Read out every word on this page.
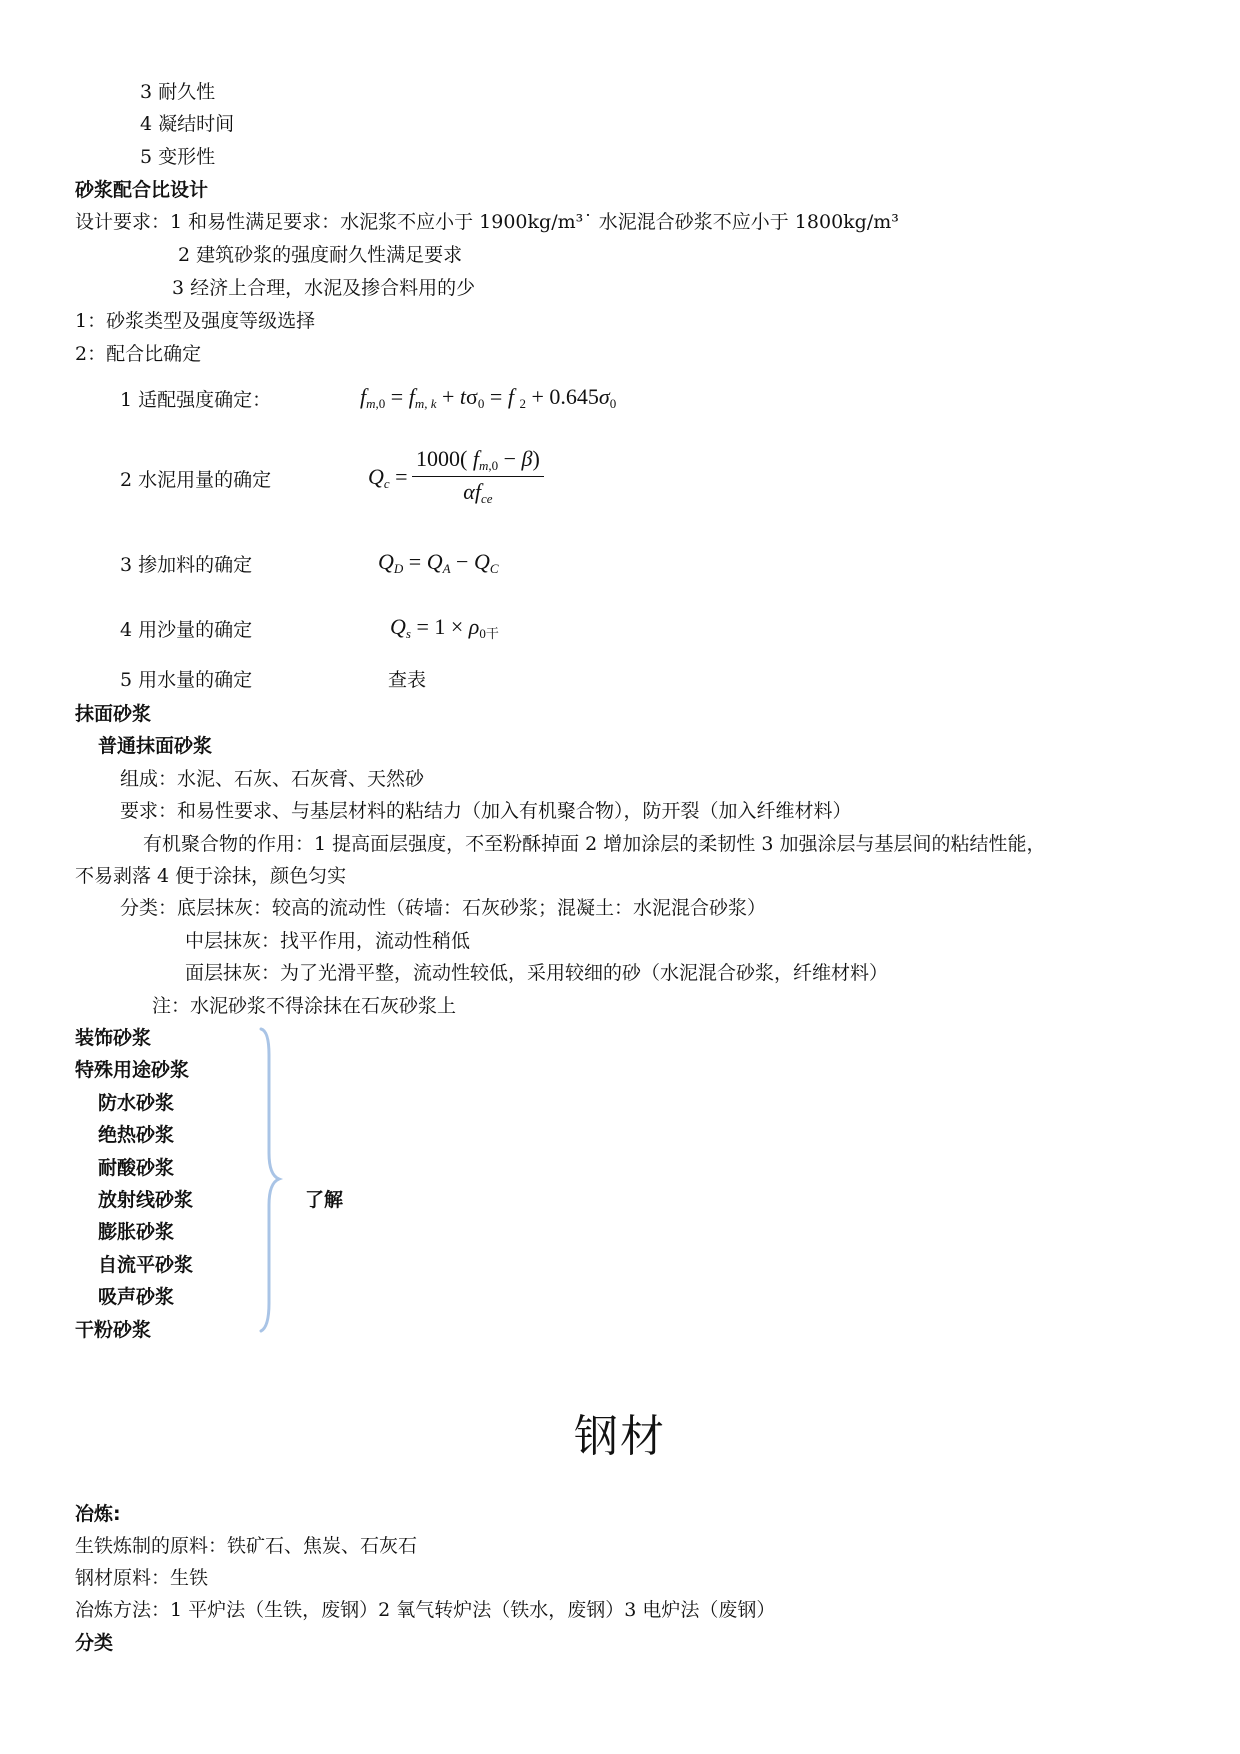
3 耐久性
4 凝结时间
5 变形性
砂浆配合比设计
设计要求：1 和易性满足要求：水泥浆不应小于 1900kg/m³˙ 水泥混合砂浆不应小于 1800kg/m³
2 建筑砂浆的强度耐久性满足要求
3 经济上合理，水泥及掺合料用的少
1：砂浆类型及强度等级选择
2：配合比确定
1 适配强度确定：	$f_{m,0} = f_{m, k} + t\sigma_0 = f$ $_2 + 0.645\sigma_0$
2 水泥用量的确定	$Q_c$ =
1000( $f_{m,0} - \beta$)
$\alpha f_{ce}$
3 掺加料的确定	$Q_D = Q_A - Q_C$
4 用沙量的确定	$Q_s = 1 \times \rho_{0干}$
5 用水量的确定	查表
抹面砂浆
普通抹面砂浆
组成：水泥、石灰、石灰膏、天然砂
要求：和易性要求、与基层材料的粘结力（加入有机聚合物），防开裂（加入纤维材料）
有机聚合物的作用：1 提高面层强度，不至粉酥掉面 2 增加涂层的柔韧性 3 加强涂层与基层间的粘结性能，
不易剥落 4 便于涂抹，颜色匀实
分类：底层抹灰：较高的流动性（砖墙：石灰砂浆；混凝土：水泥混合砂浆）
中层抹灰：找平作用，流动性稍低
面层抹灰：为了光滑平整，流动性较低，采用较细的砂（水泥混合砂浆，纤维材料）
注：水泥砂浆不得涂抹在石灰砂浆上
装饰砂浆
特殊用途砂浆
防水砂浆
绝热砂浆
耐酸砂浆
放射线砂浆
膨胀砂浆
自流平砂浆
吸声砂浆
干粉砂浆
了解
钢材
冶炼:
生铁炼制的原料：铁矿石、焦炭、石灰石
钢材原料：生铁
冶炼方法：1 平炉法（生铁，废钢）2 氧气转炉法（铁水，废钢）3 电炉法（废钢）
分类
